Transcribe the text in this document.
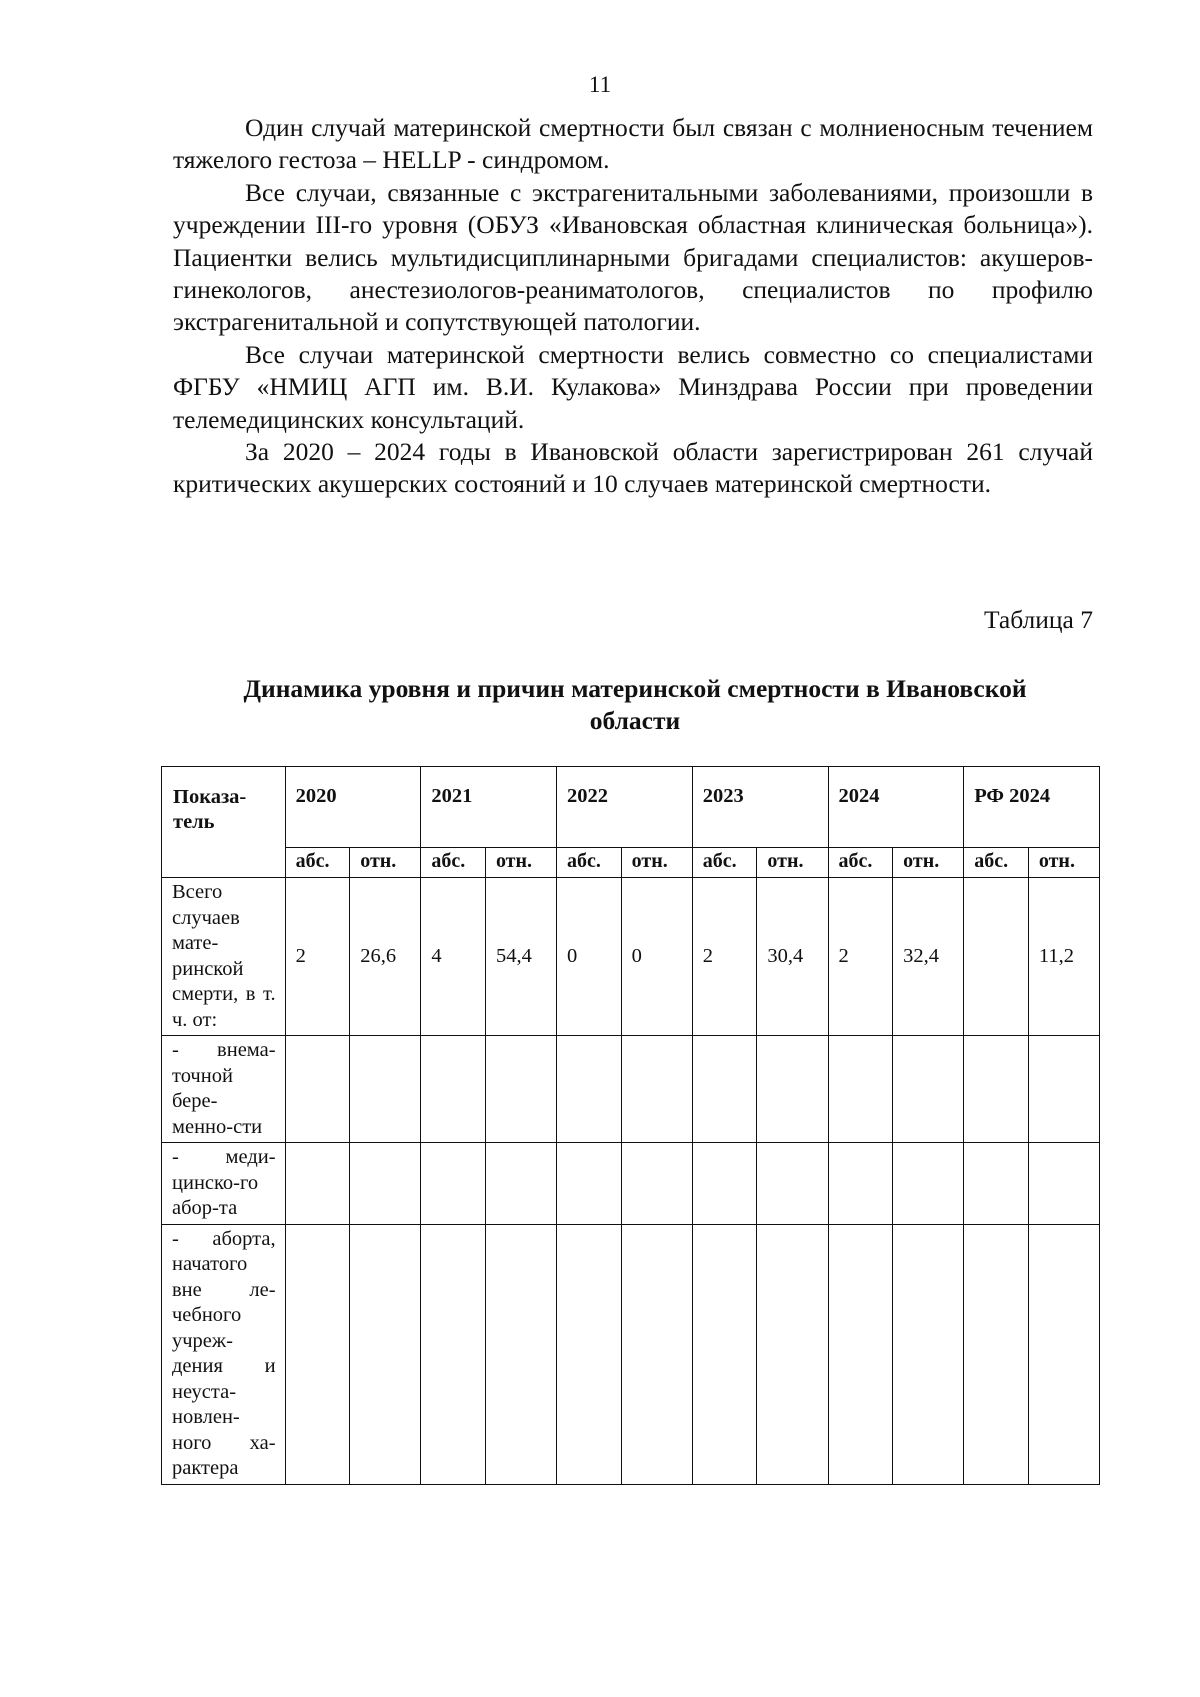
11

Один случай материнской смертности был связан с молниеносным течением тяжелого гестоза – HELLP - синдромом.

Все случаи, связанные с экстрагенитальными заболеваниями, произошли в учреждении III-го уровня (ОБУЗ «Ивановская областная клиническая больница»). Пациентки велись мультидисциплинарными бригадами специалистов: акушеров-гинекологов, анестезиологов-реаниматологов, специалистов по профилю экстрагенитальной и сопутствующей патологии.

Все случаи материнской смертности велись совместно со специалистами ФГБУ «НМИЦ АГП им. В.И. Кулакова» Минздрава России при проведении телемедицинских консультаций.

За 2020 – 2024 годы в Ивановской области зарегистрирован 261 случай критических акушерских состояний и 10 случаев материнской смертности.

Таблица 7
Динамика уровня и причин материнской смертности в Ивановской области
Показа-тель	2020		2021		2022		2023		2024		РФ 2024	
	абс.	отн.	абс.	отн.	абс.	отн.	абс.	отн.	абс.	отн.	абс.	отн.
Всего случаев мате-ринской смерти, в т. ч. от:	2	26,6	4	54,4	0	0	2	30,4	2	32,4		11,2
- внема-точной бере-менно-сти												
- меди-цинско-го абор-та												
- аборта, начатого вне ле-чебного учреж-дения и неуста-новлен-ного ха-рактера												
